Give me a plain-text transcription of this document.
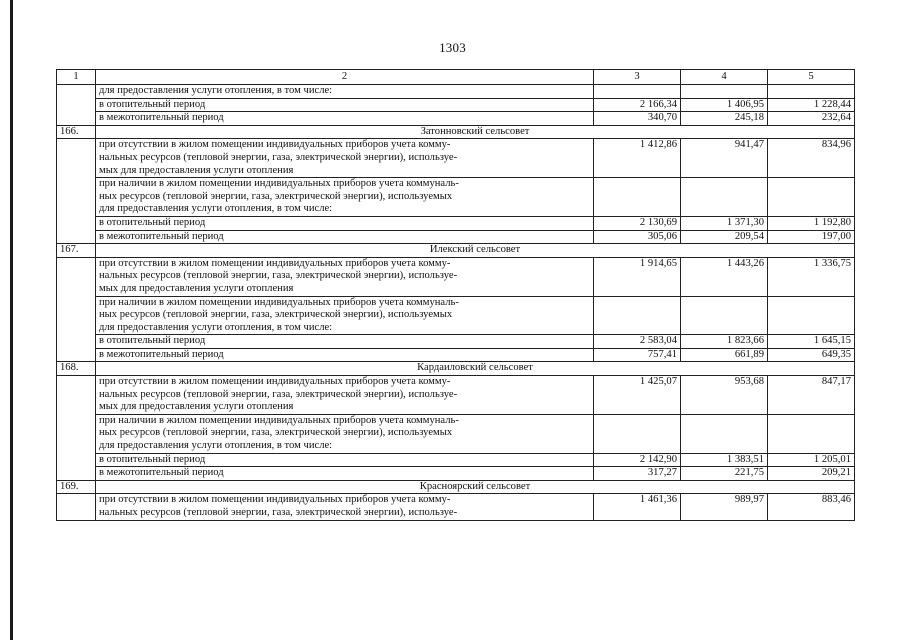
1303
1	2	3	4	5
	для предоставления услуги отопления, в том числе:			
	в отопительный период	2 166,34	1 406,95	1 228,44
	в межотопительный период	340,70	245,18	232,64
166.	Затонновский сельсовет			

	при отсутствии в жилом помещении индивидуальных приборов учета комму-
нальных ресурсов (тепловой энергии, газа, электрической энергии), используе-
мых для предоставления услуги отопления	1 412,86	941,47	834,96

	при наличии в жилом помещении индивидуальных приборов учета коммуналь-
ных ресурсов (тепловой энергии, газа, электрической энергии), используемых
для предоставления услуги отопления, в том числе:			

	в отопительный период	2 130,69	1 371,30	1 192,80
	в межотопительный период	305,06	209,54	197,00
167.	Илекский сельсовет			

	при отсутствии в жилом помещении индивидуальных приборов учета комму-
нальных ресурсов (тепловой энергии, газа, электрической энергии), используе-
мых для предоставления услуги отопления	1 914,65	1 443,26	1 336,75

	при наличии в жилом помещении индивидуальных приборов учета коммуналь-
ных ресурсов (тепловой энергии, газа, электрической энергии), используемых
для предоставления услуги отопления, в том числе:			

	в отопительный период	2 583,04	1 823,66	1 645,15
	в межотопительный период	757,41	661,89	649,35
168.	Кардаиловский сельсовет			

	при отсутствии в жилом помещении индивидуальных приборов учета комму-
нальных ресурсов (тепловой энергии, газа, электрической энергии), используе-
мых для предоставления услуги отопления	1 425,07	953,68	847,17

	при наличии в жилом помещении индивидуальных приборов учета коммуналь-
ных ресурсов (тепловой энергии, газа, электрической энергии), используемых
для предоставления услуги отопления, в том числе:			

	в отопительный период	2 142,90	1 383,51	1 205,01
	в межотопительный период	317,27	221,75	209,21
169.	Красноярский сельсовет			

	при отсутствии в жилом помещении индивидуальных приборов учета комму-
нальных ресурсов (тепловой энергии, газа, электрической энергии), используе-	1 461,36	989,97	883,46
